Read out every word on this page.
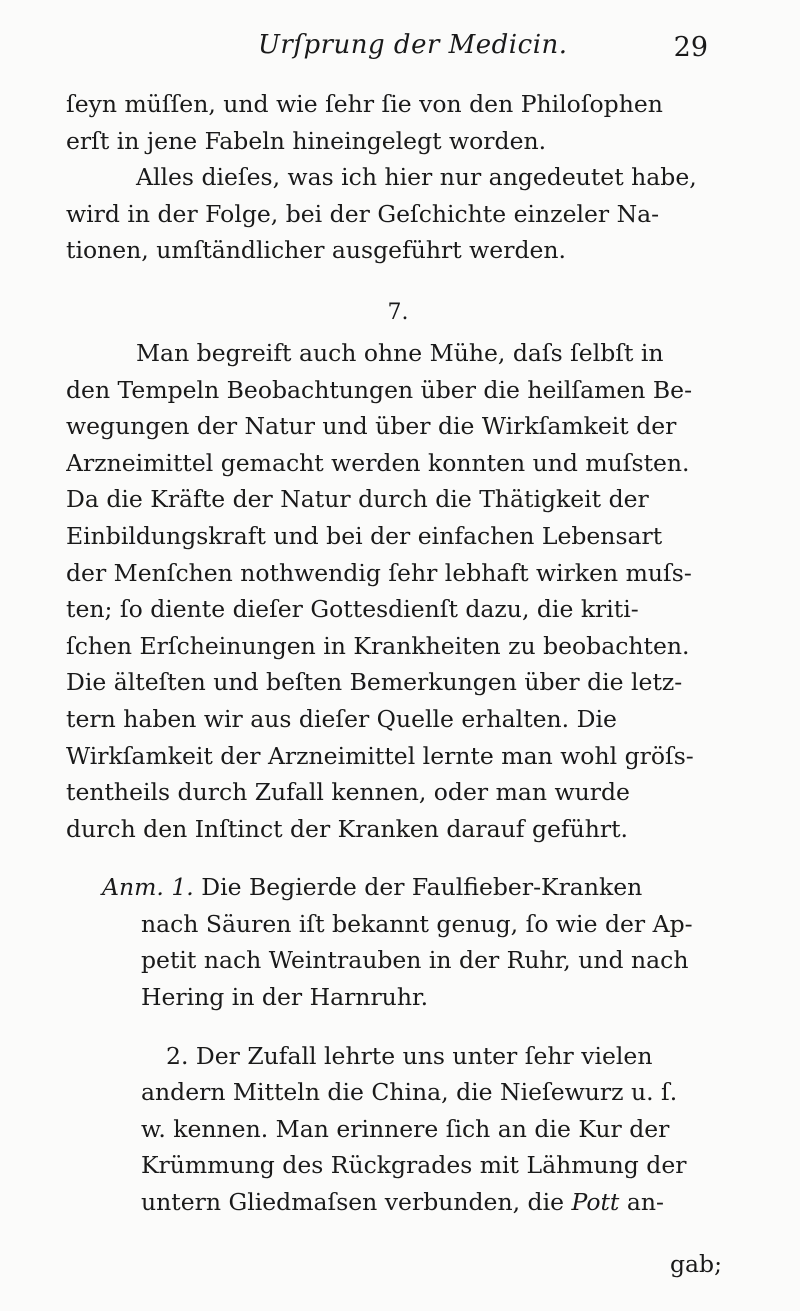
Urſprung der Medicin.	29
ſeyn müſſen, und wie ſehr ſie von den Philoſophen
erſt in jene Fabeln hineingelegt worden.
Alles dieſes, was ich hier nur angedeutet habe,
wird in der Folge, bei der Geſchichte einzeler Na-
tionen, umſtändlicher ausgeführt werden.
7.
Man begreift auch ohne Mühe, daſs ſelbſt in
den Tempeln Beobachtungen über die heilſamen Be-
wegungen der Natur und über die Wirkſamkeit der
Arzneimittel gemacht werden konnten und muſsten.
Da die Kräfte der Natur durch die Thätigkeit der
Einbildungskraft und bei der einfachen Lebensart
der Menſchen nothwendig ſehr lebhaft wirken muſs-
ten; ſo diente dieſer Gottesdienſt dazu, die kriti-
ſchen Erſcheinungen in Krankheiten zu beobachten.
Die älteſten und beſten Bemerkungen über die letz-
tern haben wir aus dieſer Quelle erhalten. Die
Wirkſamkeit der Arzneimittel lernte man wohl gröſs-
tentheils durch Zufall kennen, oder man wurde
durch den Inſtinct der Kranken darauf geführt.
Anm. 1. Die Begierde der Faulfieber-Kranken
nach Säuren iſt bekannt genug, ſo wie der Ap-
petit nach Weintrauben in der Ruhr, und nach
Hering in der Harnruhr.
2. Der Zufall lehrte uns unter ſehr vielen
andern Mitteln die China, die Nieſewurz u. ſ.
w. kennen. Man erinnere ſich an die Kur der
Krümmung des Rückgrades mit Lähmung der
untern Gliedmaſsen verbunden, die Pott an-
gab;
